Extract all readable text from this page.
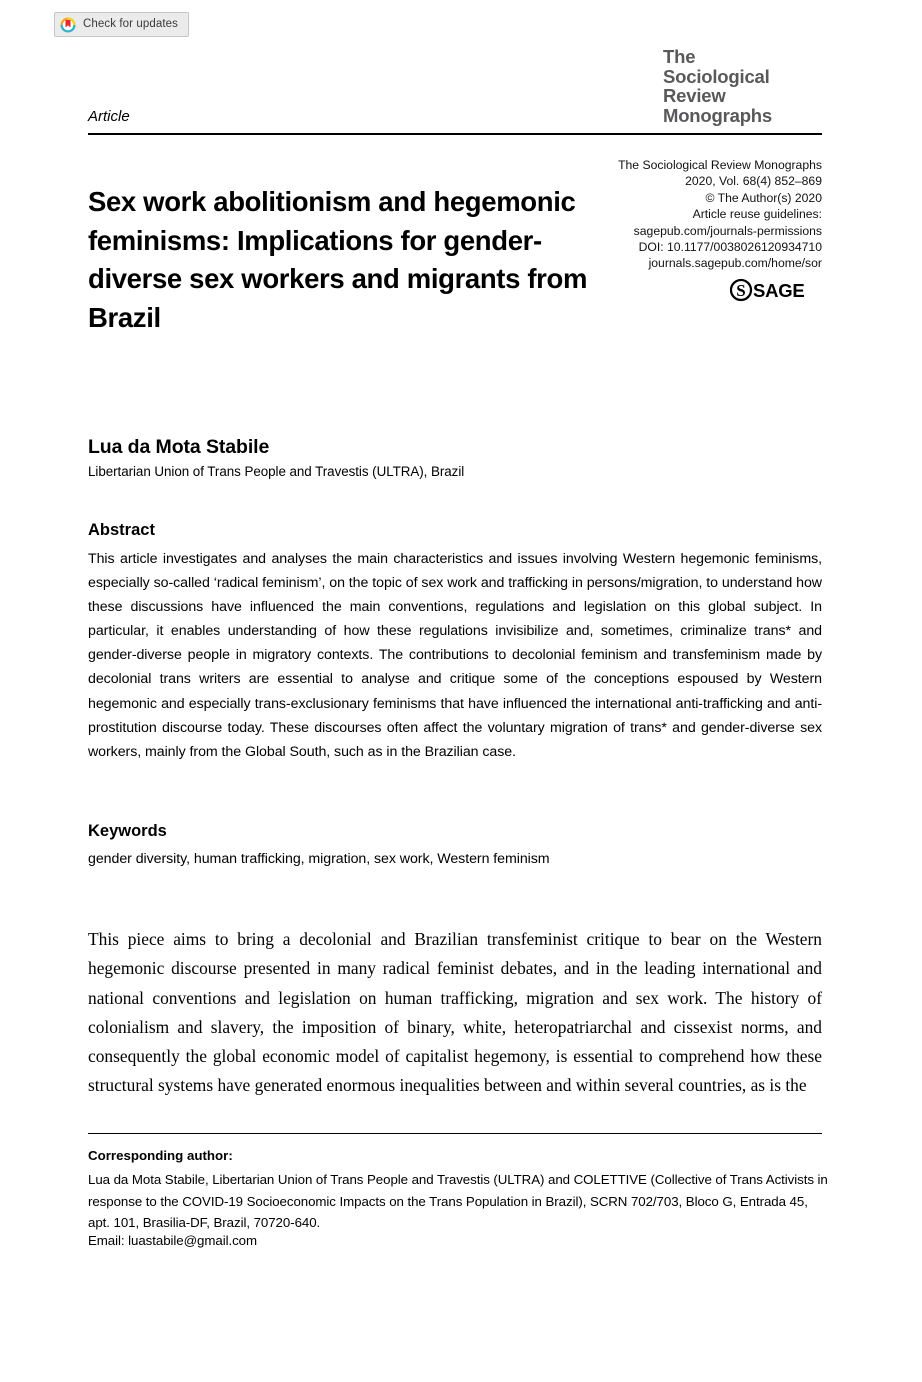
Check for updates
The
Sociological
Review
Monographs
Article
Sex work abolitionism and hegemonic feminisms: Implications for gender-diverse sex workers and migrants from Brazil
The Sociological Review Monographs
2020, Vol. 68(4) 852–869
© The Author(s) 2020
Article reuse guidelines:
sagepub.com/journals-permissions
DOI: 10.1177/0038026120934710
journals.sagepub.com/home/sor
S SAGE
Lua da Mota Stabile
Libertarian Union of Trans People and Travestis (ULTRA), Brazil
Abstract
This article investigates and analyses the main characteristics and issues involving Western hegemonic feminisms, especially so-called ‘radical feminism’, on the topic of sex work and trafficking in persons/migration, to understand how these discussions have influenced the main conventions, regulations and legislation on this global subject. In particular, it enables understanding of how these regulations invisibilize and, sometimes, criminalize trans* and gender-diverse people in migratory contexts. The contributions to decolonial feminism and transfeminism made by decolonial trans writers are essential to analyse and critique some of the conceptions espoused by Western hegemonic and especially trans-exclusionary feminisms that have influenced the international anti-trafficking and anti-prostitution discourse today. These discourses often affect the voluntary migration of trans* and gender-diverse sex workers, mainly from the Global South, such as in the Brazilian case.
Keywords
gender diversity, human trafficking, migration, sex work, Western feminism
This piece aims to bring a decolonial and Brazilian transfeminist critique to bear on the Western hegemonic discourse presented in many radical feminist debates, and in the leading international and national conventions and legislation on human trafficking, migration and sex work. The history of colonialism and slavery, the imposition of binary, white, heteropatriarchal and cissexist norms, and consequently the global economic model of capitalist hegemony, is essential to comprehend how these structural systems have generated enormous inequalities between and within several countries, as is the
Corresponding author:
Lua da Mota Stabile, Libertarian Union of Trans People and Travestis (ULTRA) and COLETTIVE (Collective of Trans Activists in response to the COVID-19 Socioeconomic Impacts on the Trans Population in Brazil), SCRN 702/703, Bloco G, Entrada 45, apt. 101, Brasilia-DF, Brazil, 70720-640.
Email: luastabile@gmail.com
